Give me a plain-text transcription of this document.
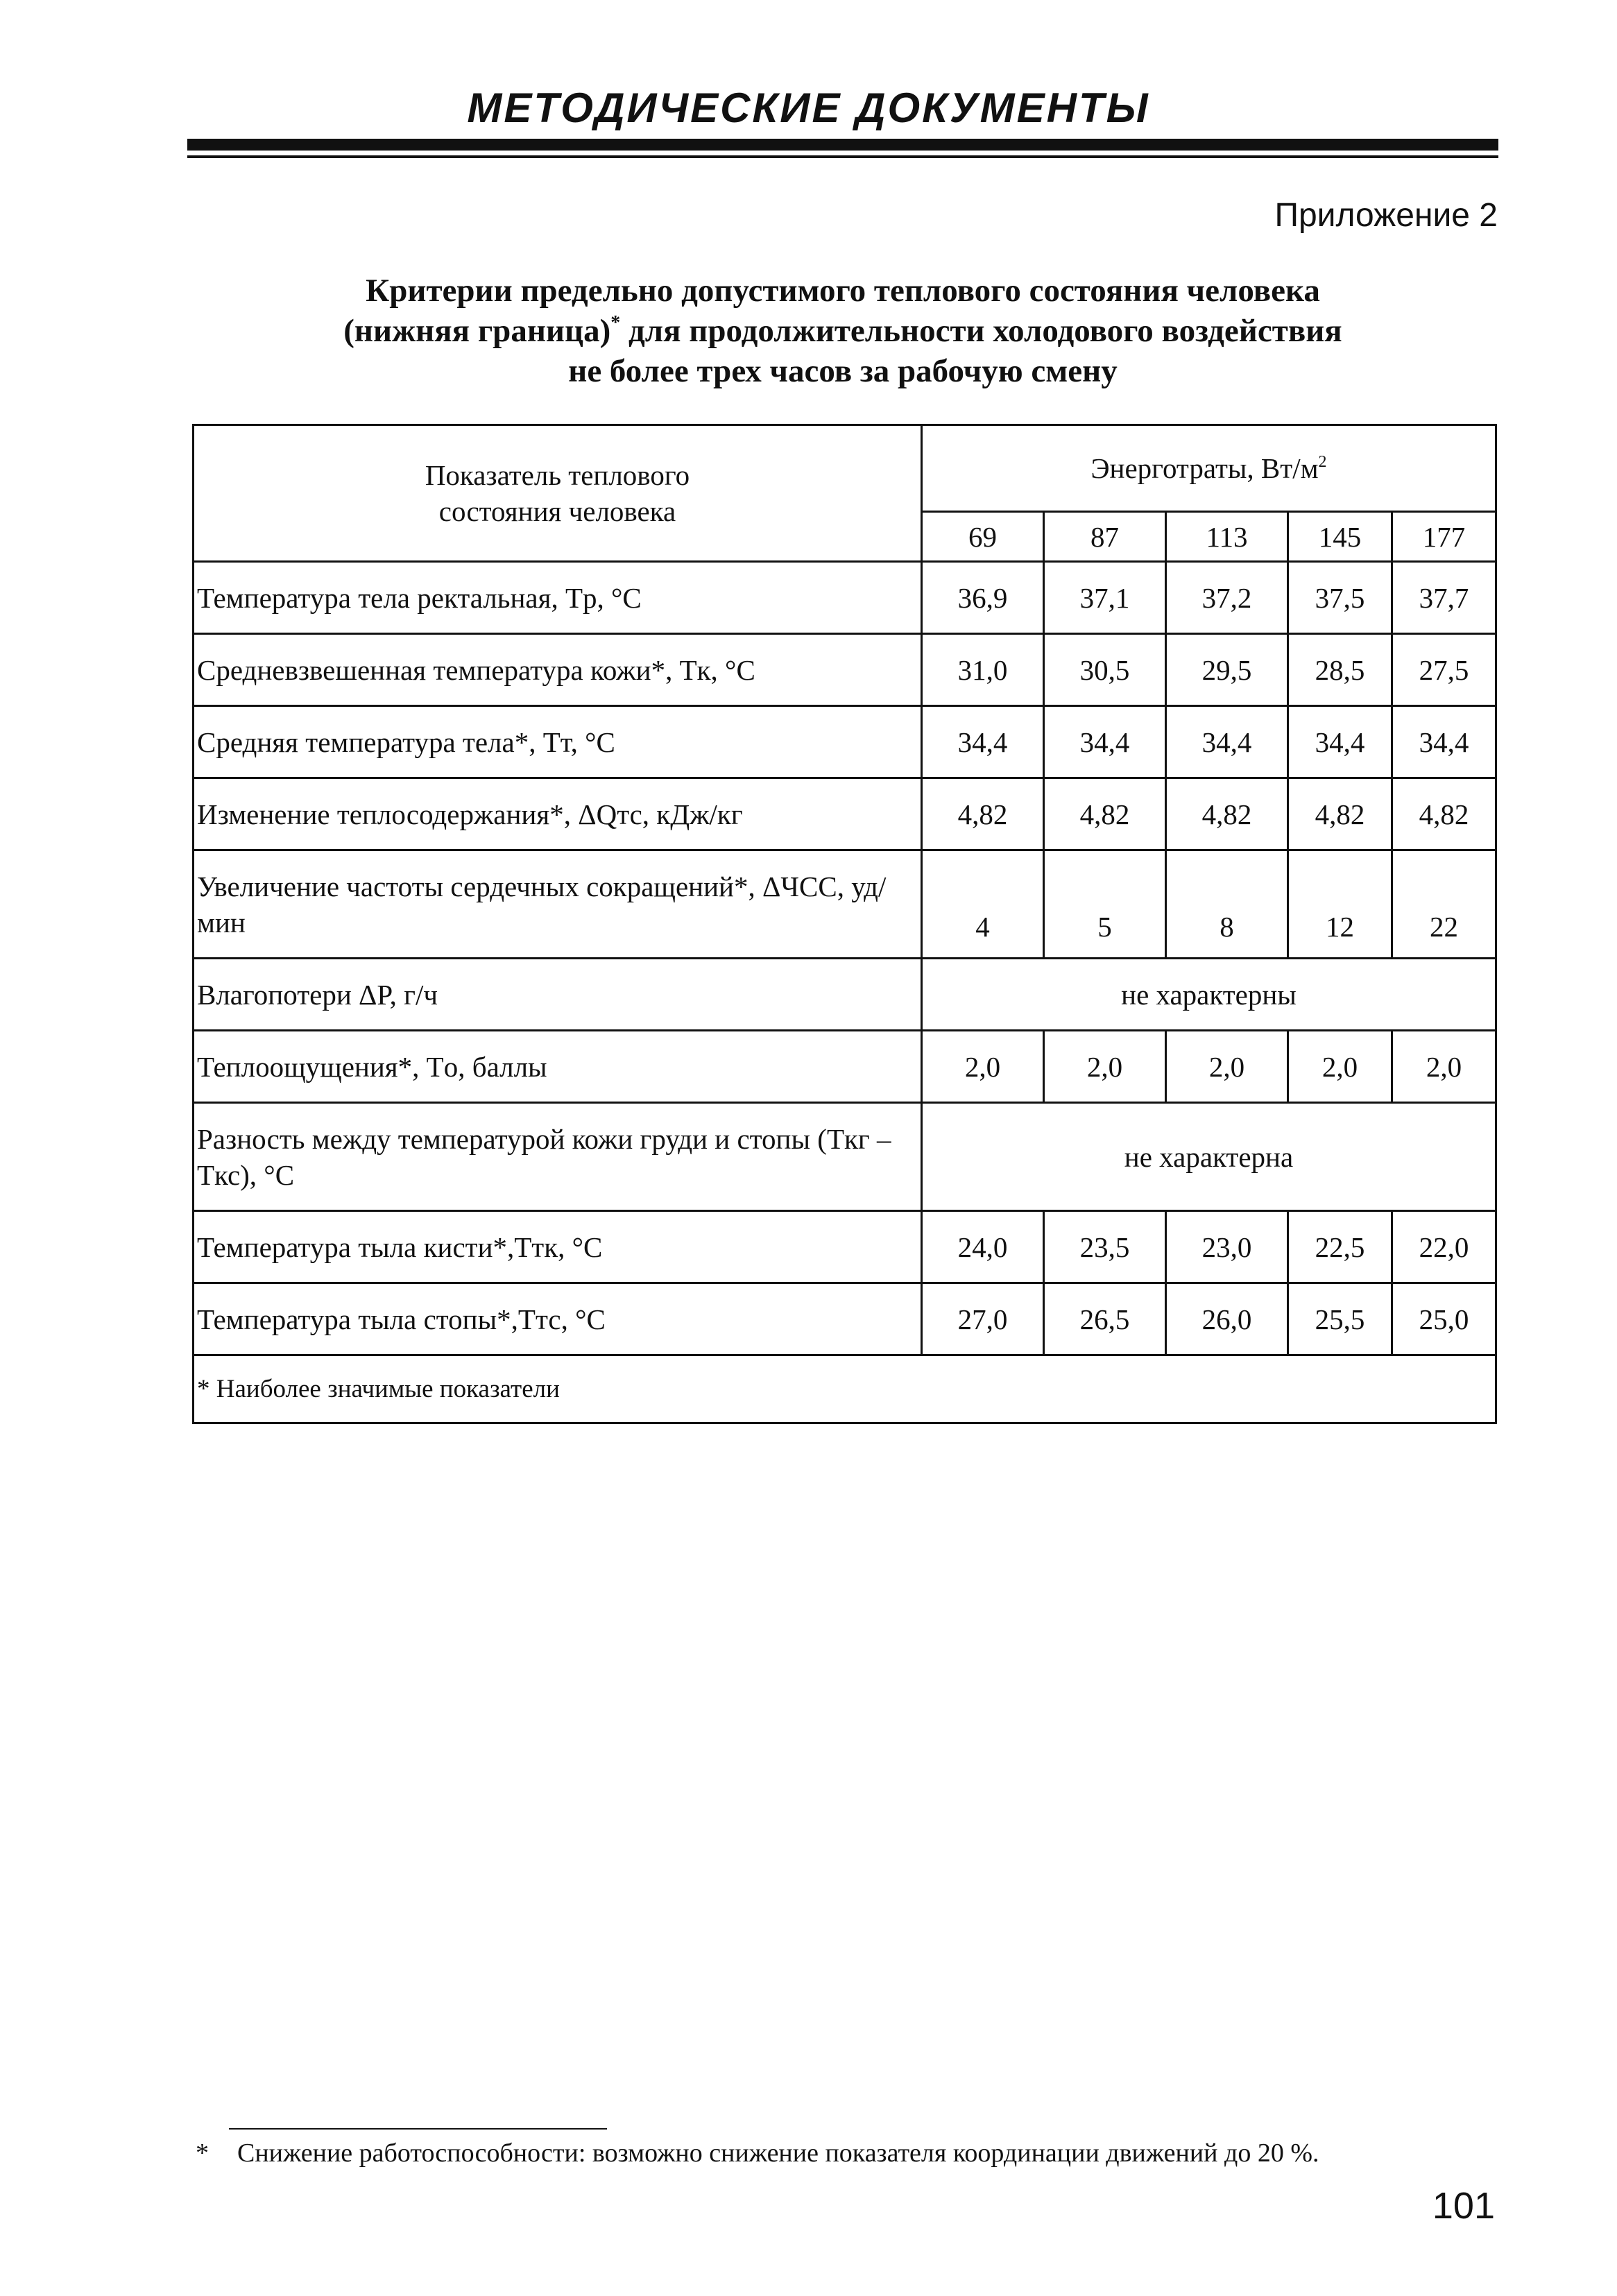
МЕТОДИЧЕСКИЕ ДОКУМЕНТЫ
Приложение 2
Критерии предельно допустимого теплового состояния человека
(нижняя граница)* для продолжительности холодового воздействия
не более трех часов за рабочую смену
Показатель теплового состояния человека	Энерготраты, $Вт/м^2$
	69	87	113	145	177
Температура тела ректальная, Tр, °C	36,9	37,1	37,2	37,5	37,7
Средневзвешенная температура кожи*, Tк, °C	31,0	30,5	29,5	28,5	27,5
Средняя температура тела*, Tт, °C	34,4	34,4	34,4	34,4	34,4
Изменение теплосодержания*, ΔQтс, кДж/кг	4,82	4,82	4,82	4,82	4,82
Увеличение частоты сердечных сокращений*, ΔЧСС, уд/мин	4	5	8	12	22
Влагопотери ΔP, г/ч	не характерны				
Теплоощущения*, Tо, баллы	2,0	2,0	2,0	2,0	2,0
Разность между температурой кожи груди и стопы (Tкг – Tкс), °C	не характерна				
Температура тыла кисти*,Tтк, °C	24,0	23,5	23,0	22,5	22,0
Температура тыла стопы*,Tтс, °C	27,0	26,5	26,0	25,5	25,0
* Наиболее значимые показатели					
* Снижение работоспособности: возможно снижение показателя координации движений до 20 %.
101
